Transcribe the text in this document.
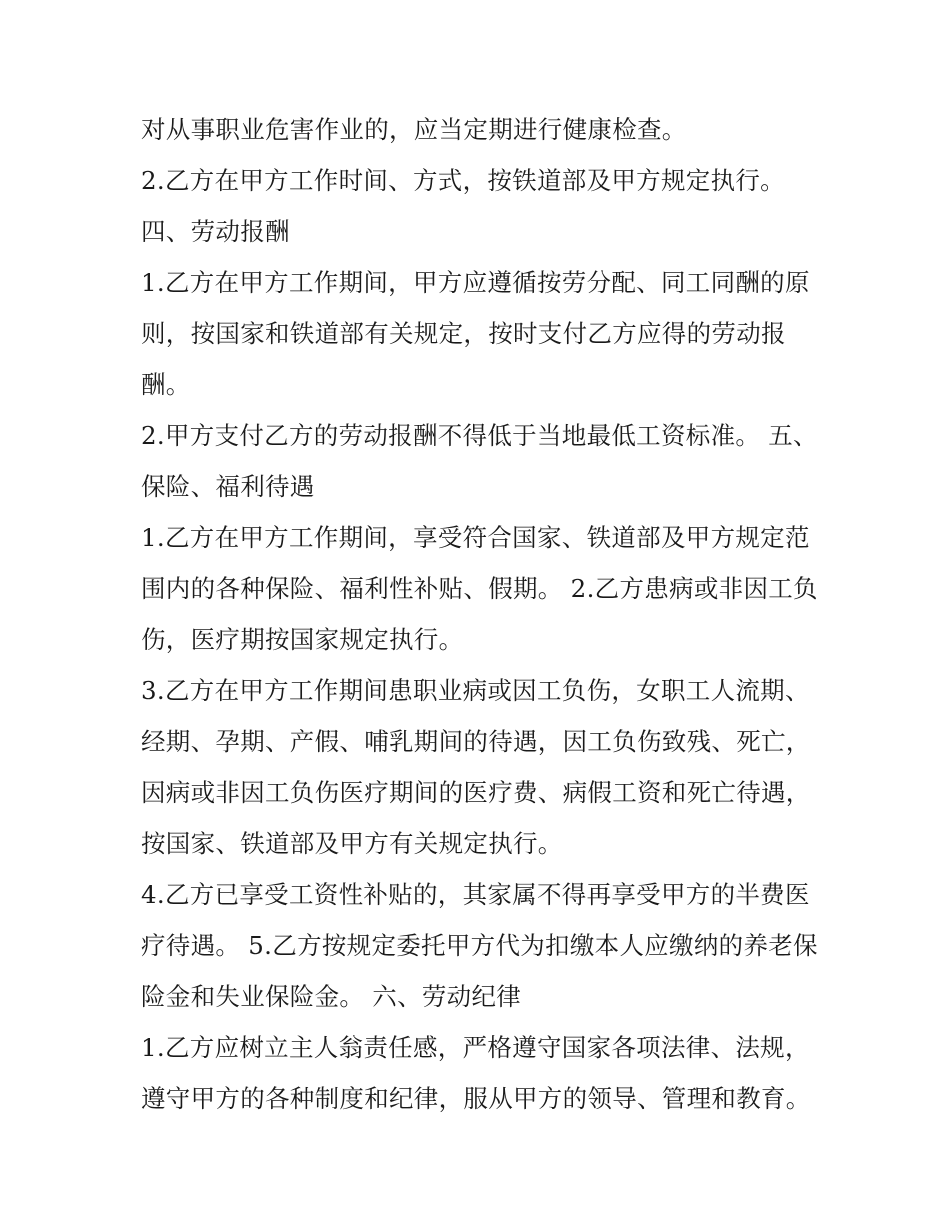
对从事职业危害作业的，应当定期进行健康检查。
2.乙方在甲方工作时间、方式，按铁道部及甲方规定执行。
四、劳动报酬
1.乙方在甲方工作期间，甲方应遵循按劳分配、同工同酬的原
则，按国家和铁道部有关规定，按时支付乙方应得的劳动报
酬。
2.甲方支付乙方的劳动报酬不得低于当地最低工资标准。 五、
保险、福利待遇
1.乙方在甲方工作期间，享受符合国家、铁道部及甲方规定范
围内的各种保险、福利性补贴、假期。 2.乙方患病或非因工负
伤，医疗期按国家规定执行。
3.乙方在甲方工作期间患职业病或因工负伤，女职工人流期、
经期、孕期、产假、哺乳期间的待遇，因工负伤致残、死亡，
因病或非因工负伤医疗期间的医疗费、病假工资和死亡待遇，
按国家、铁道部及甲方有关规定执行。
4.乙方已享受工资性补贴的，其家属不得再享受甲方的半费医
疗待遇。 5.乙方按规定委托甲方代为扣缴本人应缴纳的养老保
险金和失业保险金。 六、劳动纪律
1.乙方应树立主人翁责任感，严格遵守国家各项法律、法规，
遵守甲方的各种制度和纪律，服从甲方的领导、管理和教育。
